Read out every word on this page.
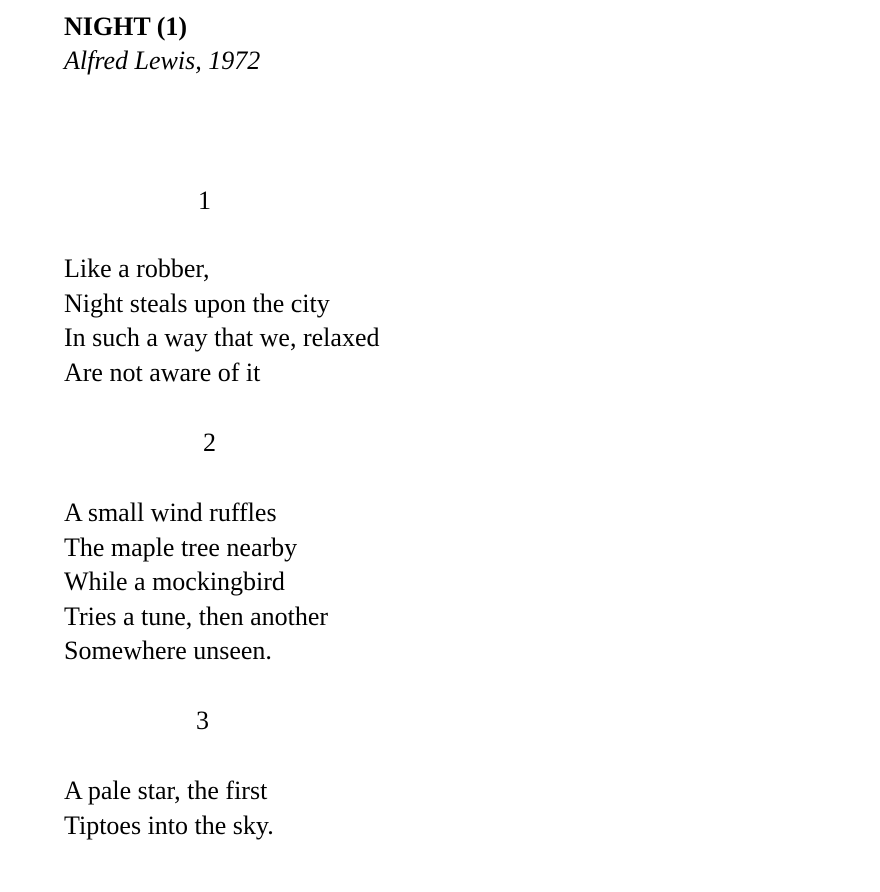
NIGHT (1)
Alfred Lewis, 1972
1
Like a robber,
Night steals upon the city
In such a way that we, relaxed
Are not aware of it
2
A small wind ruffles
The maple tree nearby
While a mockingbird
Tries a tune, then another
Somewhere unseen.
3
A pale star, the first
Tiptoes into the sky.
